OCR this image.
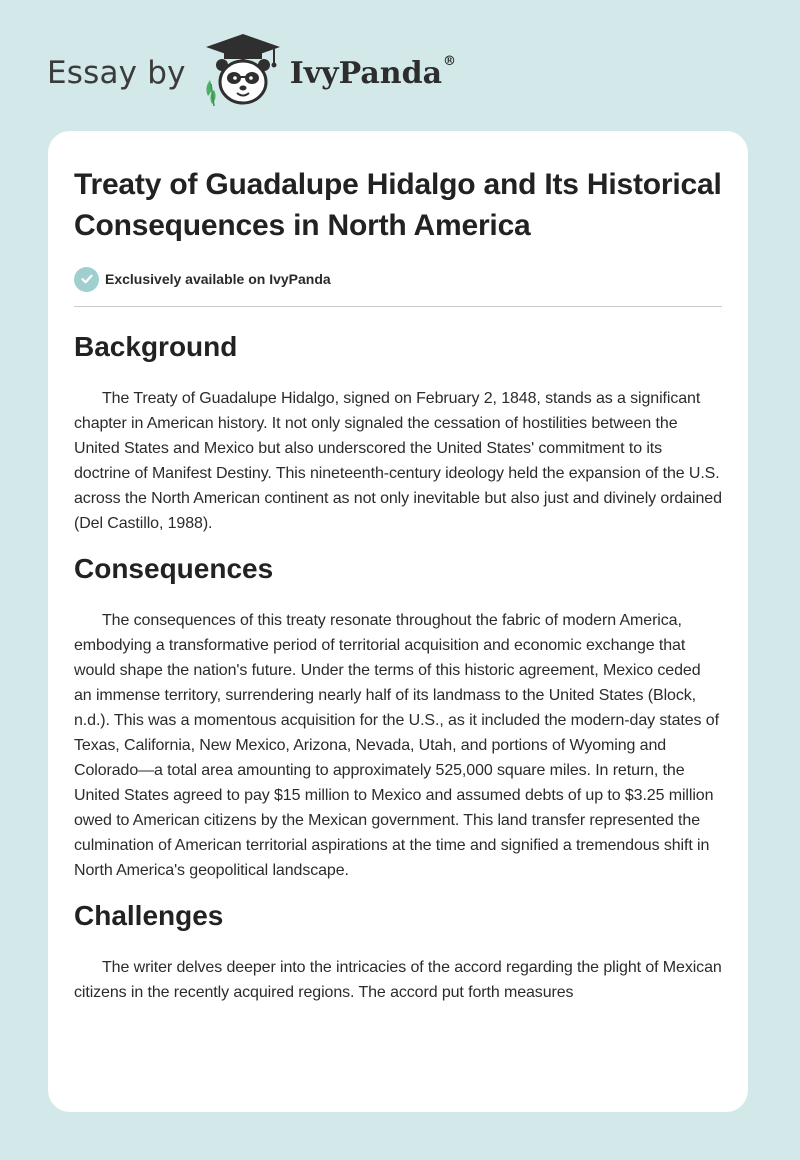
Essay by	IvyPanda®
Treaty of Guadalupe Hidalgo and Its Historical Consequences in North America
Exclusively available on IvyPanda
Background

The Treaty of Guadalupe Hidalgo, signed on February 2, 1848, stands as a significant chapter in American history. It not only signaled the cessation of hostilities between the United States and Mexico but also underscored the United States' commitment to its doctrine of Manifest Destiny. This nineteenth-century ideology held the expansion of the U.S. across the North American continent as not only inevitable but also just and divinely ordained (Del Castillo, 1988).

Consequences

The consequences of this treaty resonate throughout the fabric of modern America, embodying a transformative period of territorial acquisition and economic exchange that would shape the nation's future. Under the terms of this historic agreement, Mexico ceded an immense territory, surrendering nearly half of its landmass to the United States (Block, n.d.). This was a momentous acquisition for the U.S., as it included the modern-day states of Texas, California, New Mexico, Arizona, Nevada, Utah, and portions of Wyoming and Colorado—a total area amounting to approximately 525,000 square miles. In return, the United States agreed to pay $15 million to Mexico and assumed debts of up to $3.25 million owed to American citizens by the Mexican government. This land transfer represented the culmination of American territorial aspirations at the time and signified a tremendous shift in North America's geopolitical landscape.

Challenges

The writer delves deeper into the intricacies of the accord regarding the plight of Mexican citizens in the recently acquired regions. The accord put forth measures
